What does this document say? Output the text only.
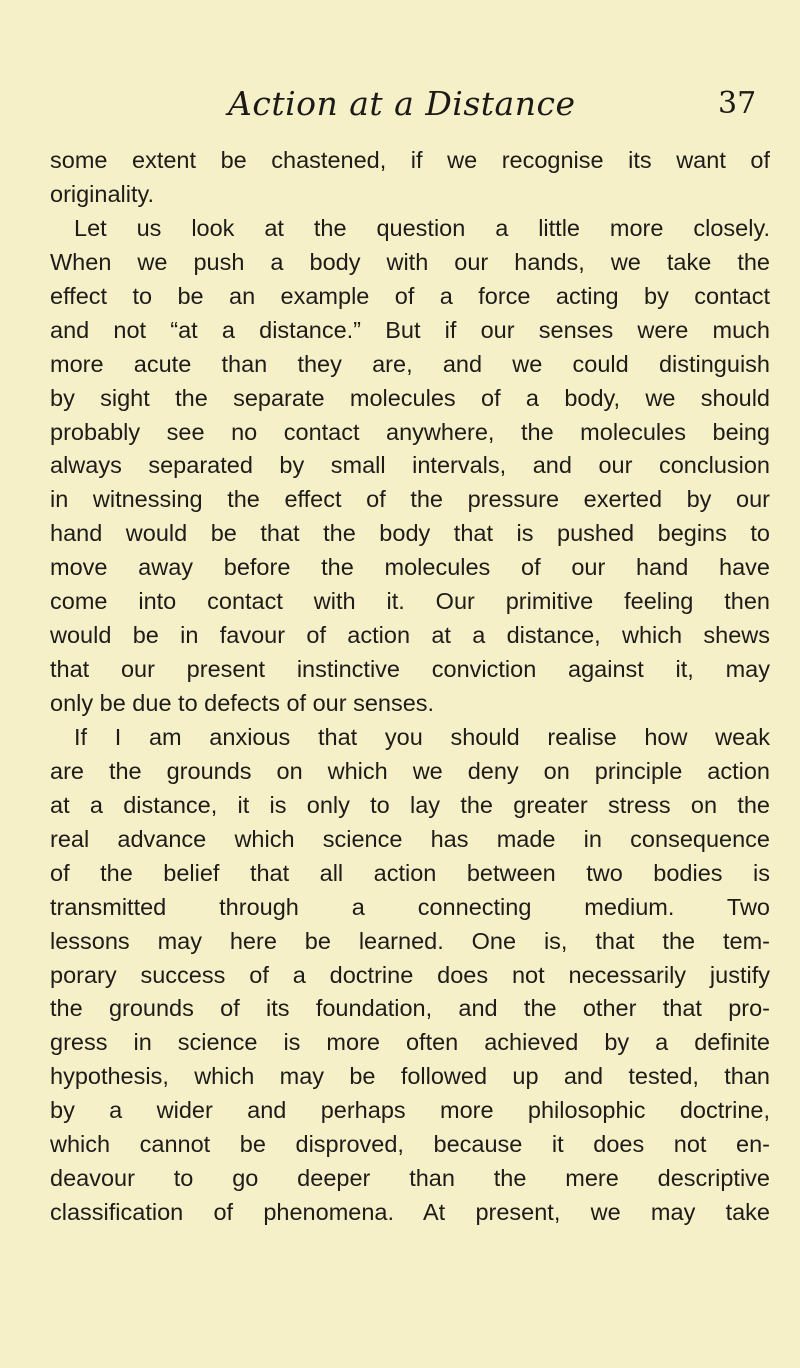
Action at a Distance	37
some extent be chastened, if we recognise its want of
originality.
Let us look at the question a little more closely.
When we push a body with our hands, we take the
effect to be an example of a force acting by contact
and not “at a distance.” But if our senses were much
more acute than they are, and we could distinguish
by sight the separate molecules of a body, we should
probably see no contact anywhere, the molecules being
always separated by small intervals, and our conclusion
in witnessing the effect of the pressure exerted by our
hand would be that the body that is pushed begins to
move away before the molecules of our hand have
come into contact with it. Our primitive feeling then
would be in favour of action at a distance, which shews
that our present instinctive conviction against it, may
only be due to defects of our senses.
If I am anxious that you should realise how weak
are the grounds on which we deny on principle action
at a distance, it is only to lay the greater stress on the
real advance which science has made in consequence
of the belief that all action between two bodies is
transmitted through a connecting medium. Two
lessons may here be learned. One is, that the tem-
porary success of a doctrine does not necessarily justify
the grounds of its foundation, and the other that pro-
gress in science is more often achieved by a definite
hypothesis, which may be followed up and tested, than
by a wider and perhaps more philosophic doctrine,
which cannot be disproved, because it does not en-
deavour to go deeper than the mere descriptive
classification of phenomena. At present, we may take
